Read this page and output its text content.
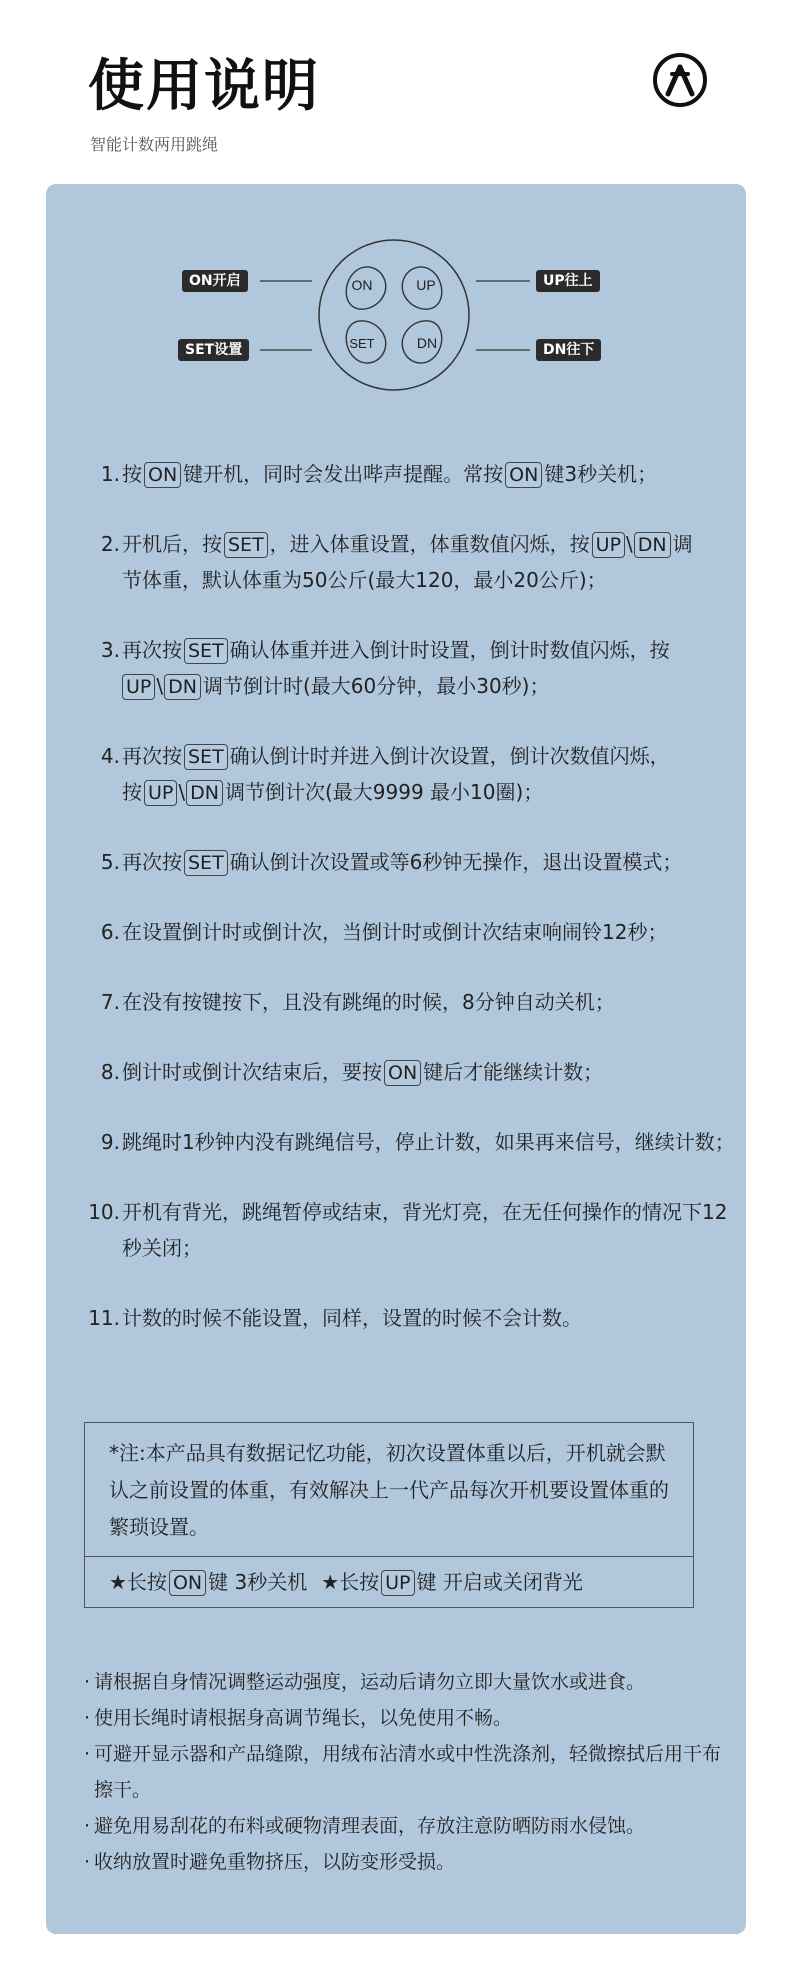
使用说明
智能计数两用跳绳
ON	UP
SET	DN
ON开启	UP往上
SET设置	DN往下
1. 按 ON 键开机，同时会发出哔声提醒。常按 ON 键3秒关机；
2. 开机后，按 SET ，进入体重设置，体重数值闪烁，按 UP \ DN 调
节体重，默认体重为50公斤(最大120，最小20公斤)；
3. 再次按 SET 确认体重并进入倒计时设置，倒计时数值闪烁，按
UP \ DN 调节倒计时(最大60分钟，最小30秒)；
4. 再次按 SET 确认倒计时并进入倒计次设置，倒计次数值闪烁，
按 UP \ DN 调节倒计次(最大9999 最小10圈)；
5. 再次按 SET 确认倒计次设置或等6秒钟无操作，退出设置模式；
6. 在设置倒计时或倒计次，当倒计时或倒计次结束响闹铃12秒；
7. 在没有按键按下，且没有跳绳的时候，8分钟自动关机；
8. 倒计时或倒计次结束后，要按 ON 键后才能继续计数；
9. 跳绳时1秒钟内没有跳绳信号，停止计数，如果再来信号，继续计数；
10. 开机有背光，跳绳暂停或结束，背光灯亮，在无任何操作的情况下12秒关闭；
11. 计数的时候不能设置，同样，设置的时候不会计数。
*注:本产品具有数据记忆功能，初次设置体重以后，开机就会默认之前设置的体重，有效解决上一代产品每次开机要设置体重的繁琐设置。
★长按 ON 键 3秒关机 ★长按 UP 键 开启或关闭背光
· 请根据自身情况调整运动强度，运动后请勿立即大量饮水或进食。
· 使用长绳时请根据身高调节绳长，以免使用不畅。
· 可避开显示器和产品缝隙，用绒布沾清水或中性洗涤剂，轻微擦拭后用干布擦干。
· 避免用易刮花的布料或硬物清理表面，存放注意防晒防雨水侵蚀。
· 收纳放置时避免重物挤压，以防变形受损。
